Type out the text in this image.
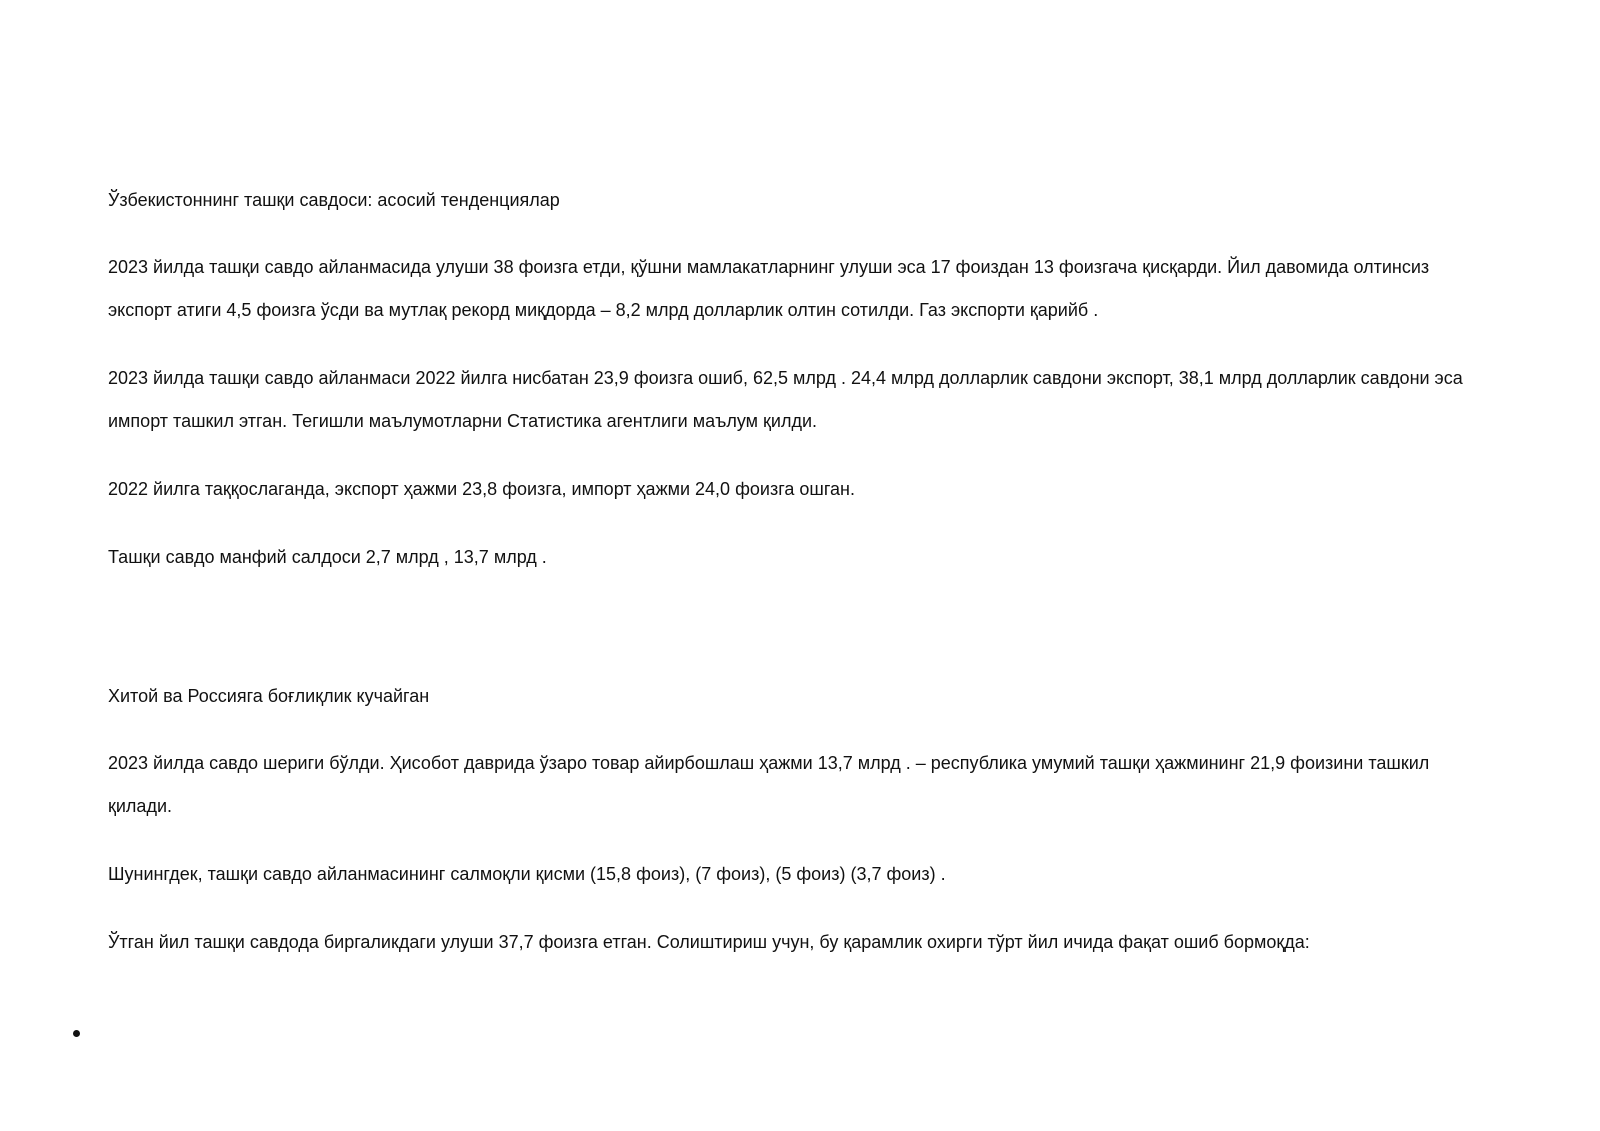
Ўзбекистоннинг ташқи савдоси: асосий тенденциялар

2023 йилда ташқи савдо айланмасида улуши 38 фоизга етди, қўшни мамлакатларнинг улуши эса 17 фоиздан 13 фоизгача қисқарди. Йил давомида олтинсиз экспорт атиги 4,5 фоизга ўсди ва мутлақ рекорд миқдорда – 8,2 млрд долларлик олтин сотилди. Газ экспорти қарийб .

2023 йилда ташқи савдо айланмаси 2022 йилга нисбатан 23,9 фоизга ошиб, 62,5 млрд . 24,4 млрд долларлик савдони экспорт, 38,1 млрд долларлик савдони эса импорт ташкил этган. Тегишли маълумотларни Статистика агентлиги маълум қилди.

2022 йилга таққослаганда, экспорт ҳажми 23,8 фоизга, импорт ҳажми 24,0 фоизга ошган.

Ташқи савдо манфий салдоси 2,7 млрд , 13,7 млрд .

Хитой ва Россияга боғлиқлик кучайган

2023 йилда савдо шериги бўлди. Ҳисобот даврида ўзаро товар айирбошлаш ҳажми 13,7 млрд . – республика умумий ташқи ҳажмининг 21,9 фоизини ташкил қилади.

Шунингдек, ташқи савдо айланмасининг салмоқли қисми (15,8 фоиз), (7 фоиз), (5 фоиз) (3,7 фоиз) .

Ўтган йил ташқи савдода биргаликдаги улуши 37,7 фоизга етган. Солиштириш учун, бу қарамлик охирги тўрт йил ичида фақат ошиб бормоқда:
